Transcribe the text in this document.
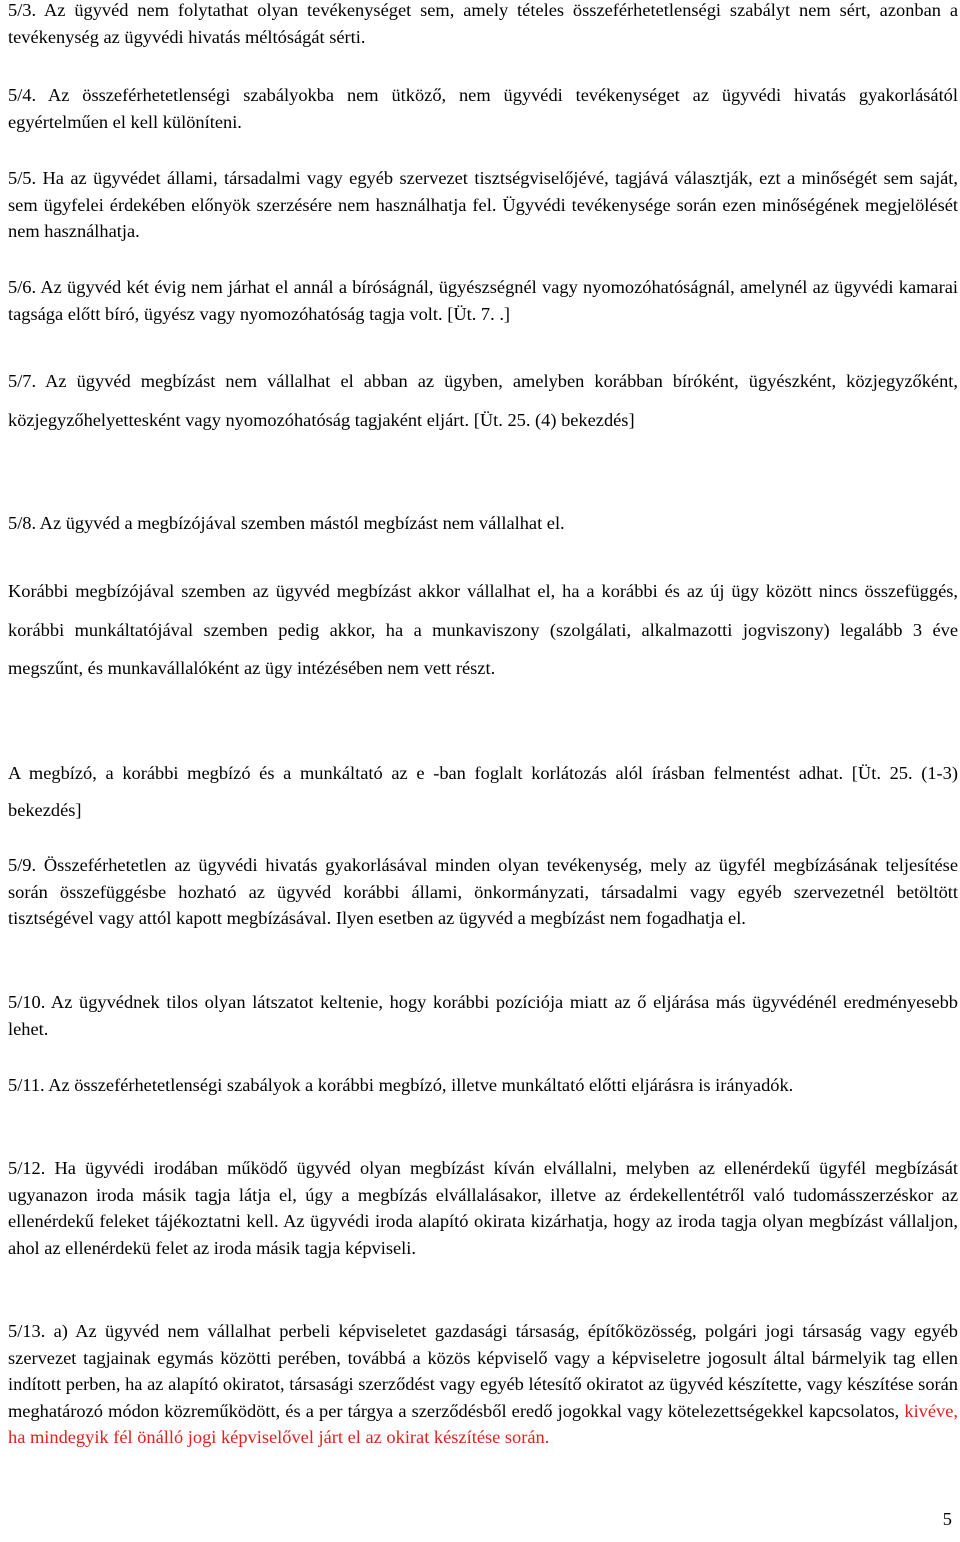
5/3. Az ügyvéd nem folytathat olyan tevékenységet sem, amely tételes összeférhetetlenségi szabályt nem sért, azonban a tevékenység az ügyvédi hivatás méltóságát sérti.

5/4. Az összeférhetetlenségi szabályokba nem ütköző, nem ügyvédi tevékenységet az ügyvédi hivatás gyakorlásától egyértelműen el kell különíteni.

5/5. Ha az ügyvédet állami, társadalmi vagy egyéb szervezet tisztségviselőjévé, tagjává választják, ezt a minőségét sem saját, sem ügyfelei érdekében előnyök szerzésére nem használhatja fel. Ügyvédi tevékenysége során ezen minőségének megjelölését nem használhatja.

5/6. Az ügyvéd két évig nem járhat el annál a bíróságnál, ügyészségnél vagy nyomozóhatóságnál, amelynél az ügyvédi kamarai tagsága előtt bíró, ügyész vagy nyomozóhatóság tagja volt. [Üt. 7. .]

5/7. Az ügyvéd megbízást nem vállalhat el abban az ügyben, amelyben korábban bíróként, ügyészként, közjegyzőként, közjegyzőhelyettesként vagy nyomozóhatóság tagjaként eljárt. [Üt. 25. (4) bekezdés]

5/8. Az ügyvéd a megbízójával szemben mástól megbízást nem vállalhat el.

Korábbi megbízójával szemben az ügyvéd megbízást akkor vállalhat el, ha a korábbi és az új ügy között nincs összefüggés, korábbi munkáltatójával szemben pedig akkor, ha a munkaviszony (szolgálati, alkalmazotti jogviszony) legalább 3 éve megszűnt, és munkavállalóként az ügy intézésében nem vett részt.

A megbízó, a korábbi megbízó és a munkáltató az e -ban foglalt korlátozás alól írásban felmentést adhat. [Üt. 25. (1-3) bekezdés]

5/9. Összeférhetetlen az ügyvédi hivatás gyakorlásával minden olyan tevékenység, mely az ügyfél megbízásának teljesítése során összefüggésbe hozható az ügyvéd korábbi állami, önkormányzati, társadalmi vagy egyéb szervezetnél betöltött tisztségével vagy attól kapott megbízásával. Ilyen esetben az ügyvéd a megbízást nem fogadhatja el.

5/10. Az ügyvédnek tilos olyan látszatot keltenie, hogy korábbi pozíciója miatt az ő eljárása más ügyvédénél eredményesebb lehet.

5/11. Az összeférhetetlenségi szabályok a korábbi megbízó, illetve munkáltató előtti eljárásra is irányadók.

5/12. Ha ügyvédi irodában működő ügyvéd olyan megbízást kíván elvállalni, melyben az ellenérdekű ügyfél megbízását ugyanazon iroda másik tagja látja el, úgy a megbízás elvállalásakor, illetve az érdekellentétről való tudomásszerzéskor az ellenérdekű feleket tájékoztatni kell. Az ügyvédi iroda alapító okirata kizárhatja, hogy az iroda tagja olyan megbízást vállaljon, ahol az ellenérdekü felet az iroda másik tagja képviseli.

5/13. a) Az ügyvéd nem vállalhat perbeli képviseletet gazdasági társaság, építőközösség, polgári jogi társaság vagy egyéb szervezet tagjainak egymás közötti perében, továbbá a közös képviselő vagy a képviseletre jogosult által bármelyik tag ellen indított perben, ha az alapító okiratot, társasági szerződést vagy egyéb létesítő okiratot az ügyvéd készítette, vagy készítése során meghatározó módon közreműködött, és a per tárgya a szerződésből eredő jogokkal vagy kötelezettségekkel kapcsolatos, kivéve, ha mindegyik fél önálló jogi képviselővel járt el az okirat készítése során.

5
